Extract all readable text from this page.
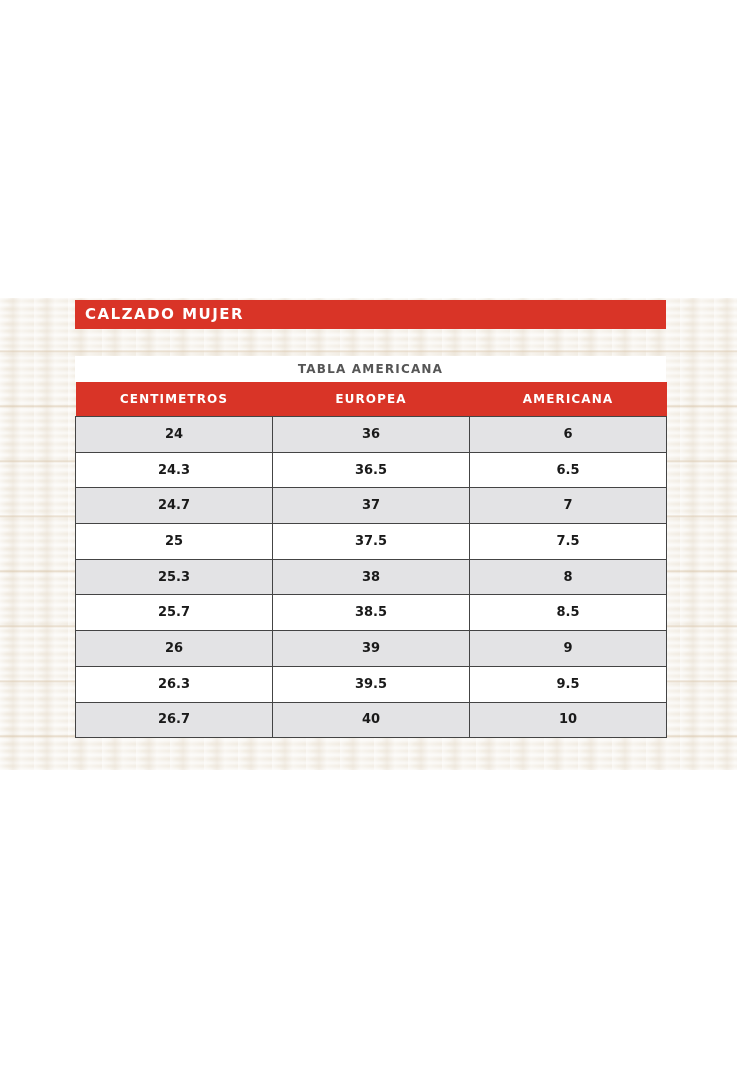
CALZADO MUJER
TABLA AMERICANA
CENTIMETROS	EUROPEA	AMERICANA
24	36	6
24.3	36.5	6.5
24.7	37	7
25	37.5	7.5
25.3	38	8
25.7	38.5	8.5
26	39	9
26.3	39.5	9.5
26.7	40	10
